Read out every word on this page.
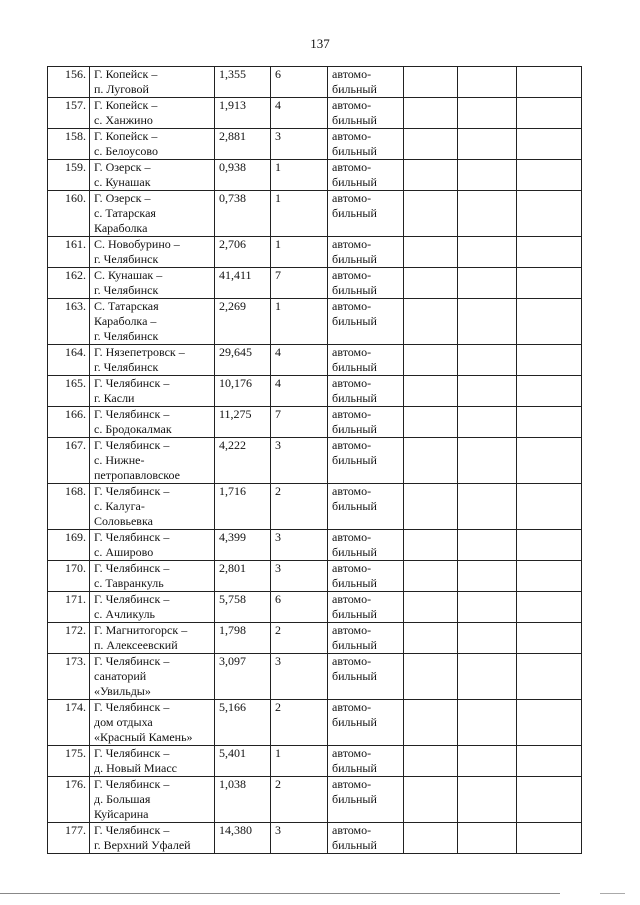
137
156.	Г. Копейск –
п. Луговой	1,355	6	автомо-
бильный			
157.	Г. Копейск –
с. Ханжино	1,913	4	автомо-
бильный			
158.	Г. Копейск –
с. Белоусово	2,881	3	автомо-
бильный			
159.	Г. Озерск –
с. Кунашак	0,938	1	автомо-
бильный			
160.	Г. Озерск –
с. Татарская
Караболка	0,738	1	автомо-
бильный			
161.	С. Новобурино –
г. Челябинск	2,706	1	автомо-
бильный			
162.	С. Кунашак –
г. Челябинск	41,411	7	автомо-
бильный			
163.	С. Татарская
Караболка –
г. Челябинск	2,269	1	автомо-
бильный			
164.	Г. Нязепетровск –
г. Челябинск	29,645	4	автомо-
бильный			
165.	Г. Челябинск –
г. Касли	10,176	4	автомо-
бильный			
166.	Г. Челябинск –
с. Бродокалмак	11,275	7	автомо-
бильный			
167.	Г. Челябинск –
с. Нижне-
петропавловское	4,222	3	автомо-
бильный			
168.	Г. Челябинск –
с. Калуга-
Соловьевка	1,716	2	автомо-
бильный			
169.	Г. Челябинск –
с. Аширово	4,399	3	автомо-
бильный			
170.	Г. Челябинск –
с. Тавранкуль	2,801	3	автомо-
бильный			
171.	Г. Челябинск –
с. Ачликуль	5,758	6	автомо-
бильный			
172.	Г. Магнитогорск –
п. Алексеевский	1,798	2	автомо-
бильный			
173.	Г. Челябинск –
санаторий
«Увильды»	3,097	3	автомо-
бильный			
174.	Г. Челябинск –
дом отдыха
«Красный Камень»	5,166	2	автомо-
бильный			
175.	Г. Челябинск –
д. Новый Миасс	5,401	1	автомо-
бильный			
176.	Г. Челябинск –
д. Большая
Куйсарина	1,038	2	автомо-
бильный			
177.	Г. Челябинск –
г. Верхний Уфалей	14,380	3	автомо-
бильный			
